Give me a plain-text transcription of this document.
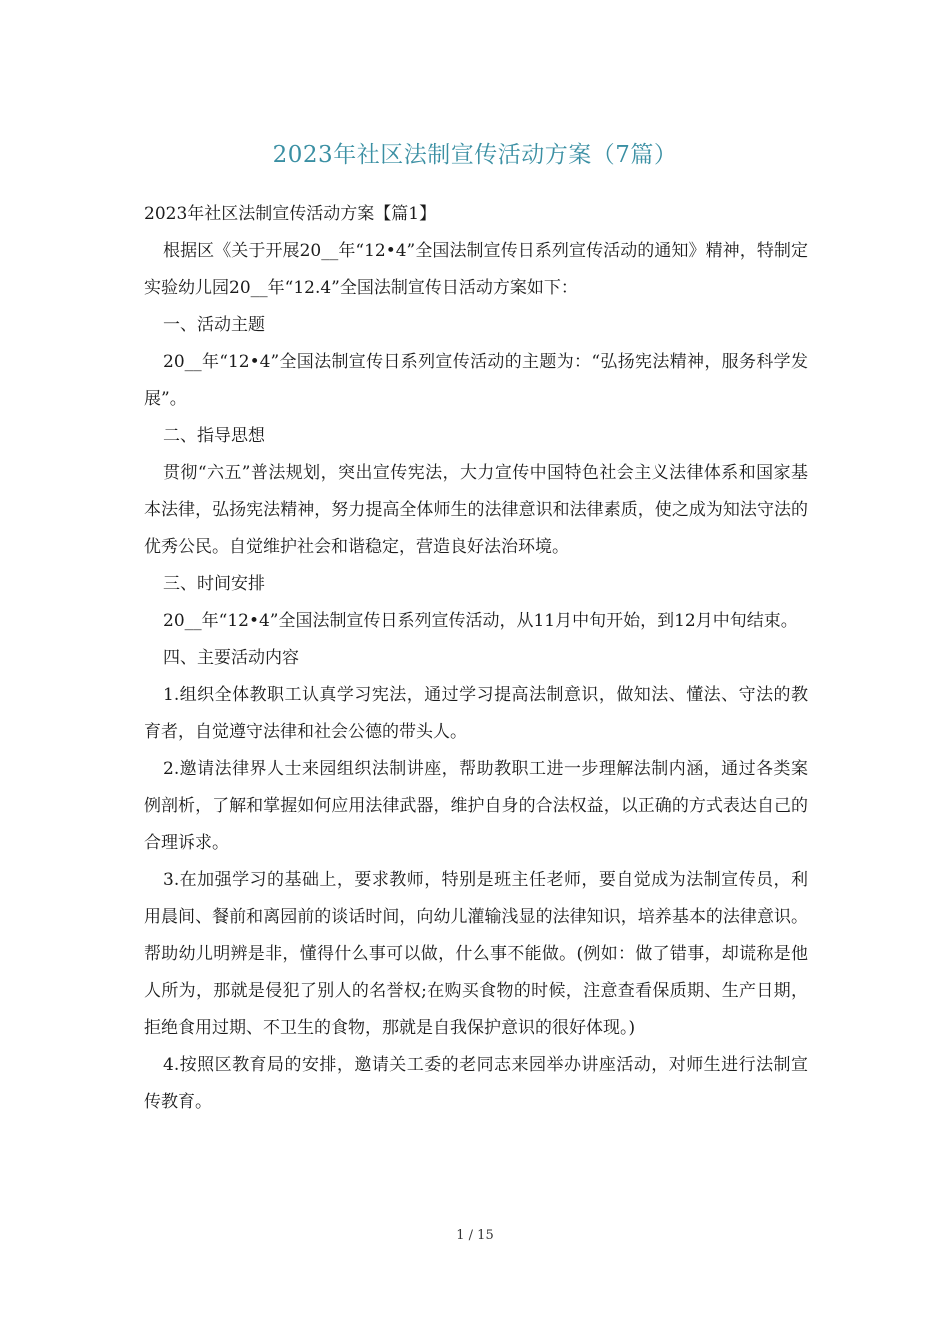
2023年社区法制宣传活动方案（7篇）

2023年社区法制宣传活动方案【篇1】

根据区《关于开展20__年“12•4”全国法制宣传日系列宣传活动的通知》精神，特制定实验幼儿园20__年“12.4”全国法制宣传日活动方案如下：

一、活动主题

20__年“12•4”全国法制宣传日系列宣传活动的主题为：“弘扬宪法精神，服务科学发展”。

二、指导思想

贯彻“六五”普法规划，突出宣传宪法，大力宣传中国特色社会主义法律体系和国家基本法律，弘扬宪法精神，努力提高全体师生的法律意识和法律素质，使之成为知法守法的优秀公民。自觉维护社会和谐稳定，营造良好法治环境。

三、时间安排

20__年“12•4”全国法制宣传日系列宣传活动，从11月中旬开始，到12月中旬结束。

四、主要活动内容

1.组织全体教职工认真学习宪法，通过学习提高法制意识，做知法、懂法、守法的教育者，自觉遵守法律和社会公德的带头人。

2.邀请法律界人士来园组织法制讲座，帮助教职工进一步理解法制内涵，通过各类案例剖析，了解和掌握如何应用法律武器，维护自身的合法权益，以正确的方式表达自己的合理诉求。

3.在加强学习的基础上，要求教师，特别是班主任老师，要自觉成为法制宣传员，利用晨间、餐前和离园前的谈话时间，向幼儿灌输浅显的法律知识，培养基本的法律意识。帮助幼儿明辨是非，懂得什么事可以做，什么事不能做。(例如：做了错事，却谎称是他人所为，那就是侵犯了别人的名誉权;在购买食物的时候，注意查看保质期、生产日期，拒绝食用过期、不卫生的食物，那就是自我保护意识的很好体现。)

4.按照区教育局的安排，邀请关工委的老同志来园举办讲座活动，对师生进行法制宣传教育。

1 / 15
